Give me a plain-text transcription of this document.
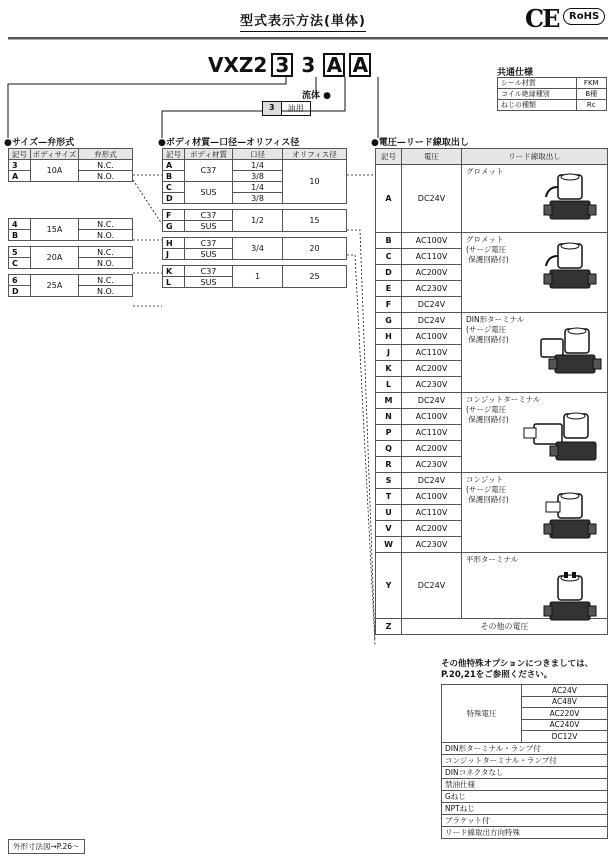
型式表示方法(単体)	CE	RoHS
VXZ2 3 3 A A
流体 ●
3	油用
共通仕様
シール材質	FKM
コイル絶縁種別	B種
ねじの種類	Rc
●サイズ—弁形式	●ボディ材質—口径—オリフィス径	●電圧—リード線取出し
記号	ボディサイズ	弁形式
3	10A	N.C.
A		N.O.

4	15A	N.C.
B		N.O.

5	20A	N.C.
C		N.O.

6	25A	N.C.
D		N.O.
記号	ボディ材質	口径	オリフィス径
A	C37	1/4	10
B		3/8	
C	SUS	1/4	
D		3/8	

F	C37	1/2	15
G	SUS		

H	C37	3/4	20
J	SUS		

K	C37	1	25
L	SUS		
記号	電圧	リード線取出し
A	DC24V	グロメット
B	AC100V	グロメット
(サージ電圧
保護回路付)

C	AC110V	
D	AC200V	
E	AC230V	
F	DC24V	
G	DC24V	DIN形ターミナル
(サージ電圧
保護回路付)

H	AC100V	
J	AC110V	
K	AC200V	
L	AC230V	
M	DC24V	コンジットターミナル
(サージ電圧
保護回路付)

N	AC100V	
P	AC110V	
Q	AC200V	
R	AC230V	
S	DC24V	コンジット
(サージ電圧
保護回路付)

T	AC100V	
U	AC110V	
V	AC200V	
W	AC230V	
Y	DC24V	平形ターミナル
Z	その他の電圧	
その他特殊オプションにつきましては、
P.20,21をご参照ください。
特殊電圧	AC24V
AC48V
AC220V
AC240V
DC12V
DIN形ターミナル・ランプ付
コンジットターミナル・ランプ付
DINコネクタなし
禁油仕様
Gねじ
NPTねじ
ブラケット付
リード線取出方向特殊
外形寸法図→P.26〜
